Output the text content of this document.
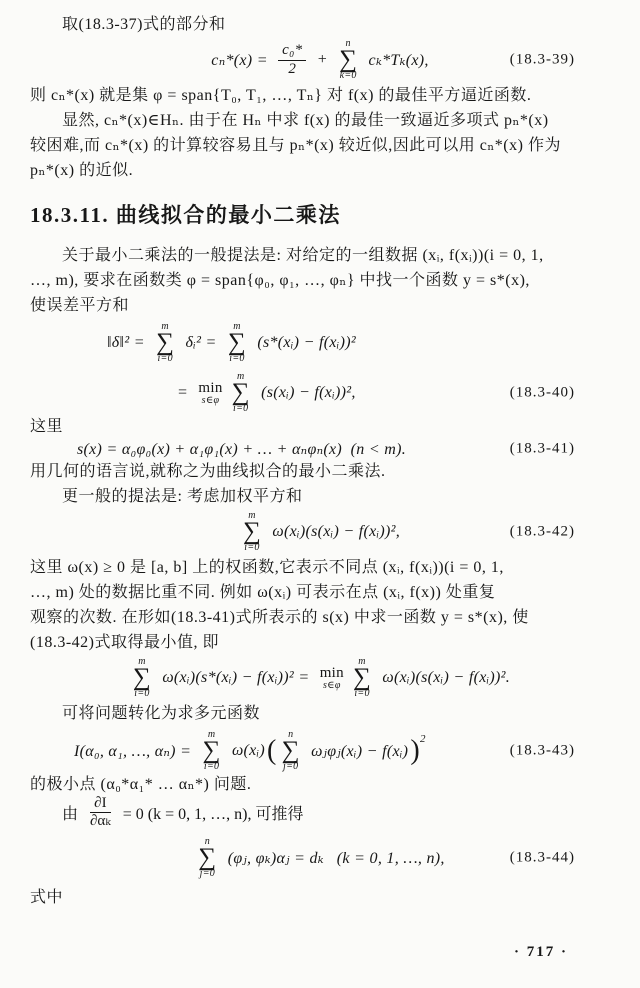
取(18.3-37)式的部分和
$c_n*(x) = \frac{\text{c₀*}}{2}$ +
n
∑
k=0
cₖ*Tₖ(x),	(18.3-39)
则 cₙ*(x) 就是集 φ = span{T₀, T₁, …, Tₙ} 对 f(x) 的最佳平方逼近函数.
显然, cₙ*(x)∈Hₙ. 由于在 Hₙ 中求 f(x) 的最佳一致逼近多项式 pₙ*(x)
较困难,而 cₙ*(x) 的计算较容易且与 pₙ*(x) 较近似,因此可以用 cₙ*(x) 作为
pₙ*(x) 的近似.
18.3.11. 曲线拟合的最小二乘法
关于最小二乘法的一般提法是: 对给定的一组数据 (xᵢ, f(xᵢ))(i = 0, 1,
…, m), 要求在函数类 φ = span{φ₀, φ₁, …, φₙ} 中找一个函数 y = s*(x),
使误差平方和
‖δ‖² =
m
∑
i=0
δᵢ² =
m
∑
i=0
(s*(xᵢ) − f(xᵢ))²
= min
s∈φ
m
∑
i=0
(s(xᵢ) − f(xᵢ))²,	(18.3-40)
这里
s(x) = α₀φ₀(x) + α₁φ₁(x) + … + αₙφₙ(x)  (n < m).	(18.3-41)
用几何的语言说,就称之为曲线拟合的最小二乘法.
更一般的提法是: 考虑加权平方和
m
∑
i=0
ω(xᵢ)(s(xᵢ) − f(xᵢ))²,	(18.3-42)
这里 ω(x) ≥ 0 是 [a, b] 上的权函数,它表示不同点 (xᵢ, f(xᵢ))(i = 0, 1,
…, m) 处的数据比重不同. 例如 ω(xᵢ) 可表示在点 (xᵢ, f(x)) 处重复
观察的次数. 在形如(18.3-41)式所表示的 s(x) 中求一函数 y = s*(x), 使
(18.3-42)式取得最小值, 即
m
∑
i=0
ω(xᵢ)(s*(xᵢ) − f(xᵢ))² = min
s∈φ
m
∑
i=0
ω(xᵢ)(s(xᵢ) − f(xᵢ))².
可将问题转化为求多元函数
I(α₀, α₁, …, αₙ) =
m
∑
i=0
ω(xᵢ) (
n
∑
j=0
ωⱼφⱼ(xᵢ) − f(xᵢ) ) 2
(18.3-43)
的极小点 (α₀*α₁* … αₙ*) 问题.
由 $\frac{\partial I}{\text{∂αₖ}} = 0$ (k = 0, 1, …, n), 可推得
n
∑
j=0
(φⱼ, φₖ)αⱼ = dₖ   (k = 0, 1, …, n),	(18.3-44)
式中
· 717 ·
